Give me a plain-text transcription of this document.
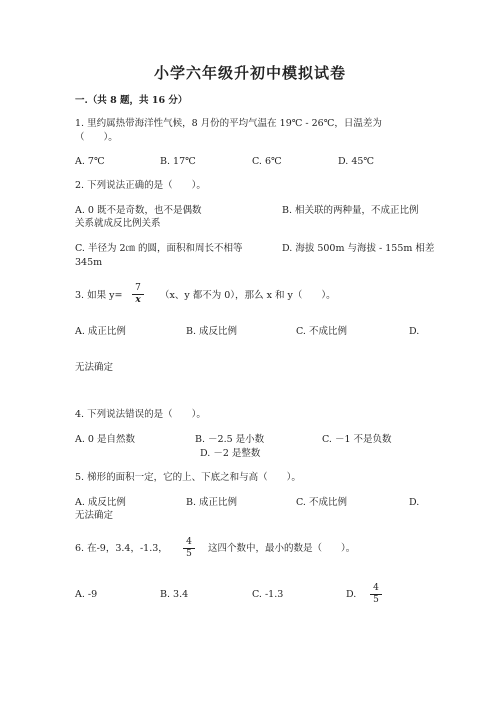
小学六年级升初中模拟试卷
一.（共 8 题，共 16 分）
1. 里约属热带海洋性气候，8 月份的平均气温在 19℃ - 26℃，日温差为
（　　）。
A. 7℃	B. 17℃	C. 6℃	D. 45℃
2. 下列说法正确的是（　　）。
A. 0 既不是奇数，也不是偶数	B. 相关联的两种量，不成正比例
关系就成反比例关系
C. 半径为 2㎝ 的圆，面积和周长不相等	D. 海拔 500m 与海拔 - 155m 相差
345m
3. 如果 y=
7
x	（x、y 都不为 0），那么 x 和 y（　　）。
A. 成正比例	B. 成反比例	C. 不成比例	D.
无法确定
4. 下列说法错误的是（　　）。
A. 0 是自然数	B. －2.5 是小数	C. －1 不是负数
D. －2 是整数
5. 梯形的面积一定，它的上、下底之和与高（　　）。
A. 成反比例	B. 成正比例	C. 不成比例	D.
无法确定
6. 在-9，3.4，-1.3，
4
5	这四个数中，最小的数是（　　）。
A. -9	B. 3.4	C. -1.3	D.
4
5
